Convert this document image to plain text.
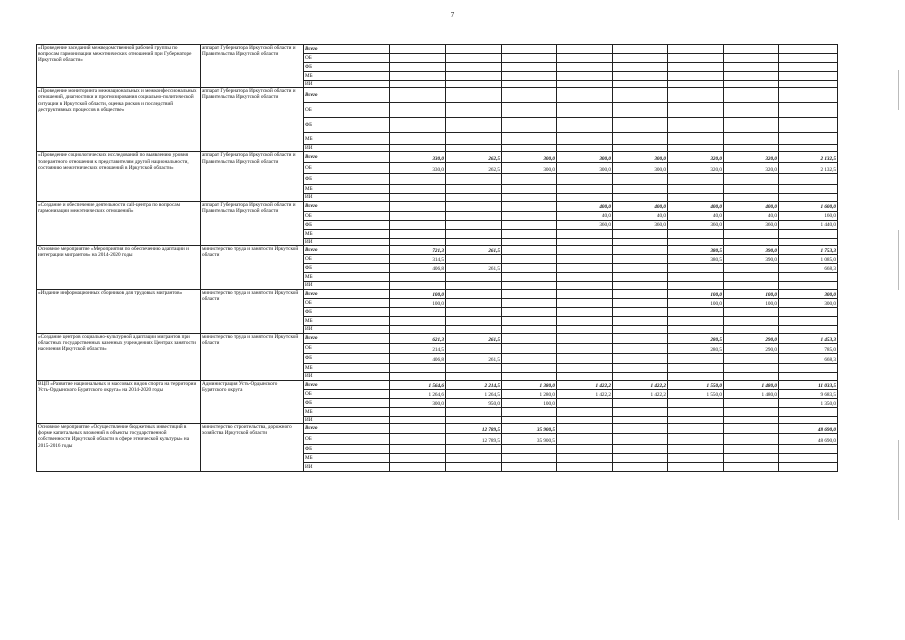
7
«Проведение заседаний межведомственной рабочей группы по вопросам гармонизации межэтнических отношений при Губернаторе Иркутской области»	аппарат Губернатора Иркутской области и Правительства Иркутской области	Всего								
		ОБ								
		ФБ								
		МБ								
		ИИ								
«Проведение мониторинга межнациональных и межконфессиональных отношений, диагностики и прогнозирования социально-политической ситуации в Иркутской области, оценка рисков и последствий деструктивных процессов в обществе»	аппарат Губернатора Иркутской области и Правительства Иркутской области	Всего								
		ОБ								
		ФБ								
		МБ								
		ИИ								
«Проведение социологических исследований по выявлению уровня толерантного отношения к представителям другой национальности, состоянию межэтнических отношений в Иркутской области»	аппарат Губернатора Иркутской области и Правительства Иркутской области	Всего	330,0	262,5	300,0	300,0	300,0	320,0	320,0	2 132,5
		ОБ	330,0	262,5	300,0	300,0	300,0	320,0	320,0	2 132,5
		ФБ								
		МБ								
		ИИ								
«Создание и обеспечение деятельности call-центра по вопросам гармонизации межэтнических отношений»	аппарат Губернатора Иркутской области и Правительства Иркутской области	Всего				400,0	400,0	400,0	400,0	1 600,0
		ОБ				40,0	40,0	40,0	40,0	160,0
		ФБ				360,0	360,0	360,0	360,0	1 440,0
		МБ								
		ИИ								
Основное мероприятие «Мероприятия по обеспечению адаптации и интеграции мигрантов» на 2014-2020 годы	министерство труда и занятости Иркутской области	Всего	721,3	261,5				380,5	390,0	1 753,3
		ОБ	314,5					380,5	390,0	1 085,0
		ФБ	406,8	261,5						668,3
		МБ								
		ИИ								
«Издание информационных сборников для трудовых мигрантов»	министерство труда и занятости Иркутской области	Всего	100,0					100,0	100,0	300,0
		ОБ	100,0					100,0	100,0	300,0
		ФБ								
		МБ								
		ИИ								
«Создание центров социально-культурной адаптации мигрантов при областных государственных казенных учреждениях Центрах занятости населения Иркутской области»	министерство труда и занятости Иркутской области	Всего	621,3	261,5				280,5	290,0	1 453,3
		ОБ	214,5					280,5	290,0	785,0
		ФБ	406,8	261,5						668,3
		МБ								
		ИИ								
ВЦП «Развитие национальных и массовых видов спорта на территории Усть-Ордынского Бурятского округа» на 2014-2020 годы	Администрация Усть-Ордынского Бурятского округа	Всего	1 564,6	2 214,5	1 380,0	1 422,2	1 422,2	1 550,0	1 480,0	11 033,5
		ОБ	1 264,6	1 264,5	1 280,0	1 422,2	1 422,2	1 550,0	1 480,0	9 683,5
		ФБ	300,0	950,0	100,0					1 350,0
		МБ								
		ИИ								
Основное мероприятие «Осуществление бюджетных инвестиций в форме капитальных вложений в объекты государственной собственности Иркутской области в сфере этнической культуры» на 2015-2016 годы	министерство строительства, дорожного хозяйства Иркутской области	Всего		12 789,5	35 900,5					48 690,0
		ОБ		12 789,5	35 900,5					48 690,0
		ФБ								
		МБ								
		ИИ								
